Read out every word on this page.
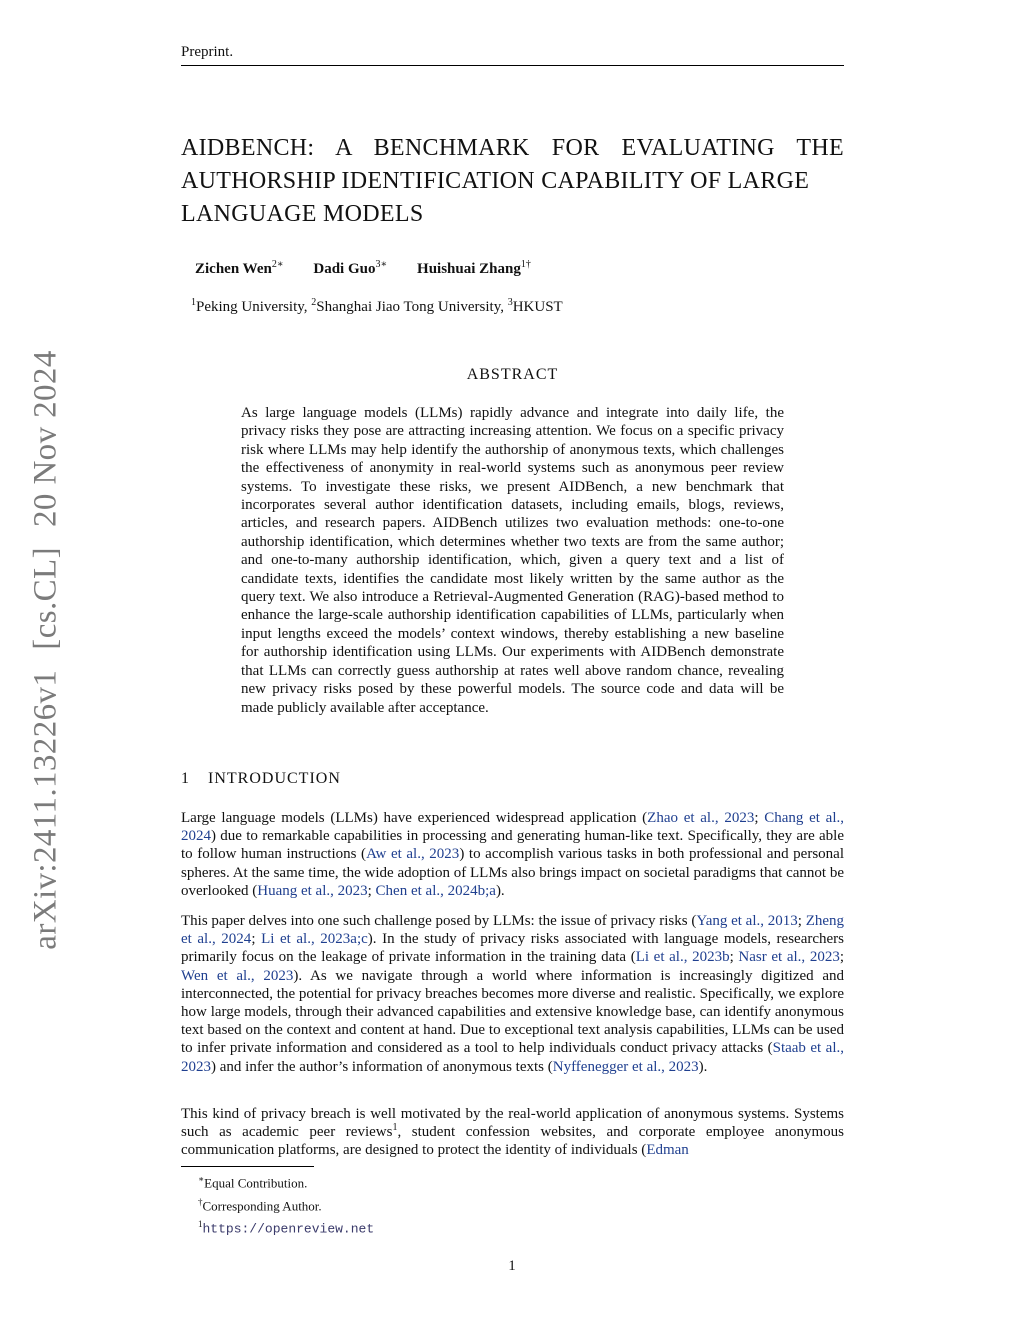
Preprint.
AIDBENCH: A BENCHMARK FOR EVALUATING THE
AUTHORSHIP IDENTIFICATION CAPABILITY OF LARGE LANGUAGE MODELS
Zichen Wen$^{2∗}$ Dadi Guo$^{3∗}$ Huishuai Zhang$^{1\dagger}$
$^1$Peking University, $^2$Shanghai Jiao Tong University, $^3$HKUST
ABSTRACT
As large language models (LLMs) rapidly advance and integrate into daily life, the privacy risks they pose are attracting increasing attention. We focus on a specific privacy risk where LLMs may help identify the authorship of anonymous texts, which challenges the effectiveness of anonymity in real-world systems such as anonymous peer review systems. To investigate these risks, we present AIDBench, a new benchmark that incorporates several author identification datasets, including emails, blogs, reviews, articles, and research papers. AIDBench utilizes two evaluation methods: one-to-one authorship identification, which determines whether two texts are from the same author; and one-to-many authorship identification, which, given a query text and a list of candidate texts, identifies the candidate most likely written by the same author as the query text. We also introduce a Retrieval-Augmented Generation (RAG)-based method to enhance the large-scale authorship identification capabilities of LLMs, particularly when input lengths exceed the models’ context windows, thereby establishing a new baseline for authorship identification using LLMs. Our experiments with AIDBench demonstrate that LLMs can correctly guess authorship at rates well above random chance, revealing new privacy risks posed by these powerful models. The source code and data will be made publicly available after acceptance.
1 INTRODUCTION
Large language models (LLMs) have experienced widespread application (Zhao et al., 2023; Chang et al., 2024) due to remarkable capabilities in processing and generating human-like text. Specifically, they are able to follow human instructions (Aw et al., 2023) to accomplish various tasks in both professional and personal spheres. At the same time, the wide adoption of LLMs also brings impact on societal paradigms that cannot be overlooked (Huang et al., 2023; Chen et al., 2024b;a).
This paper delves into one such challenge posed by LLMs: the issue of privacy risks (Yang et al., 2013; Zheng et al., 2024; Li et al., 2023a;c). In the study of privacy risks associated with language models, researchers primarily focus on the leakage of private information in the training data (Li et al., 2023b; Nasr et al., 2023; Wen et al., 2023). As we navigate through a world where information is increasingly digitized and interconnected, the potential for privacy breaches becomes more diverse and realistic. Specifically, we explore how large models, through their advanced capabilities and extensive knowledge base, can identify anonymous text based on the context and content at hand. Due to exceptional text analysis capabilities, LLMs can be used to infer private information and considered as a tool to help individuals conduct privacy attacks (Staab et al., 2023) and infer the author’s information of anonymous texts (Nyffenegger et al., 2023).
This kind of privacy breach is well motivated by the real-world application of anonymous systems. Systems such as academic peer reviews$^1$, student confession websites, and corporate employee anonymous communication platforms, are designed to protect the identity of individuals (Edman
∗Equal Contribution.
†Corresponding Author.
$^1$https://openreview.net
1
arXiv:2411.13226v1[cs.CL]20 Nov 2024
